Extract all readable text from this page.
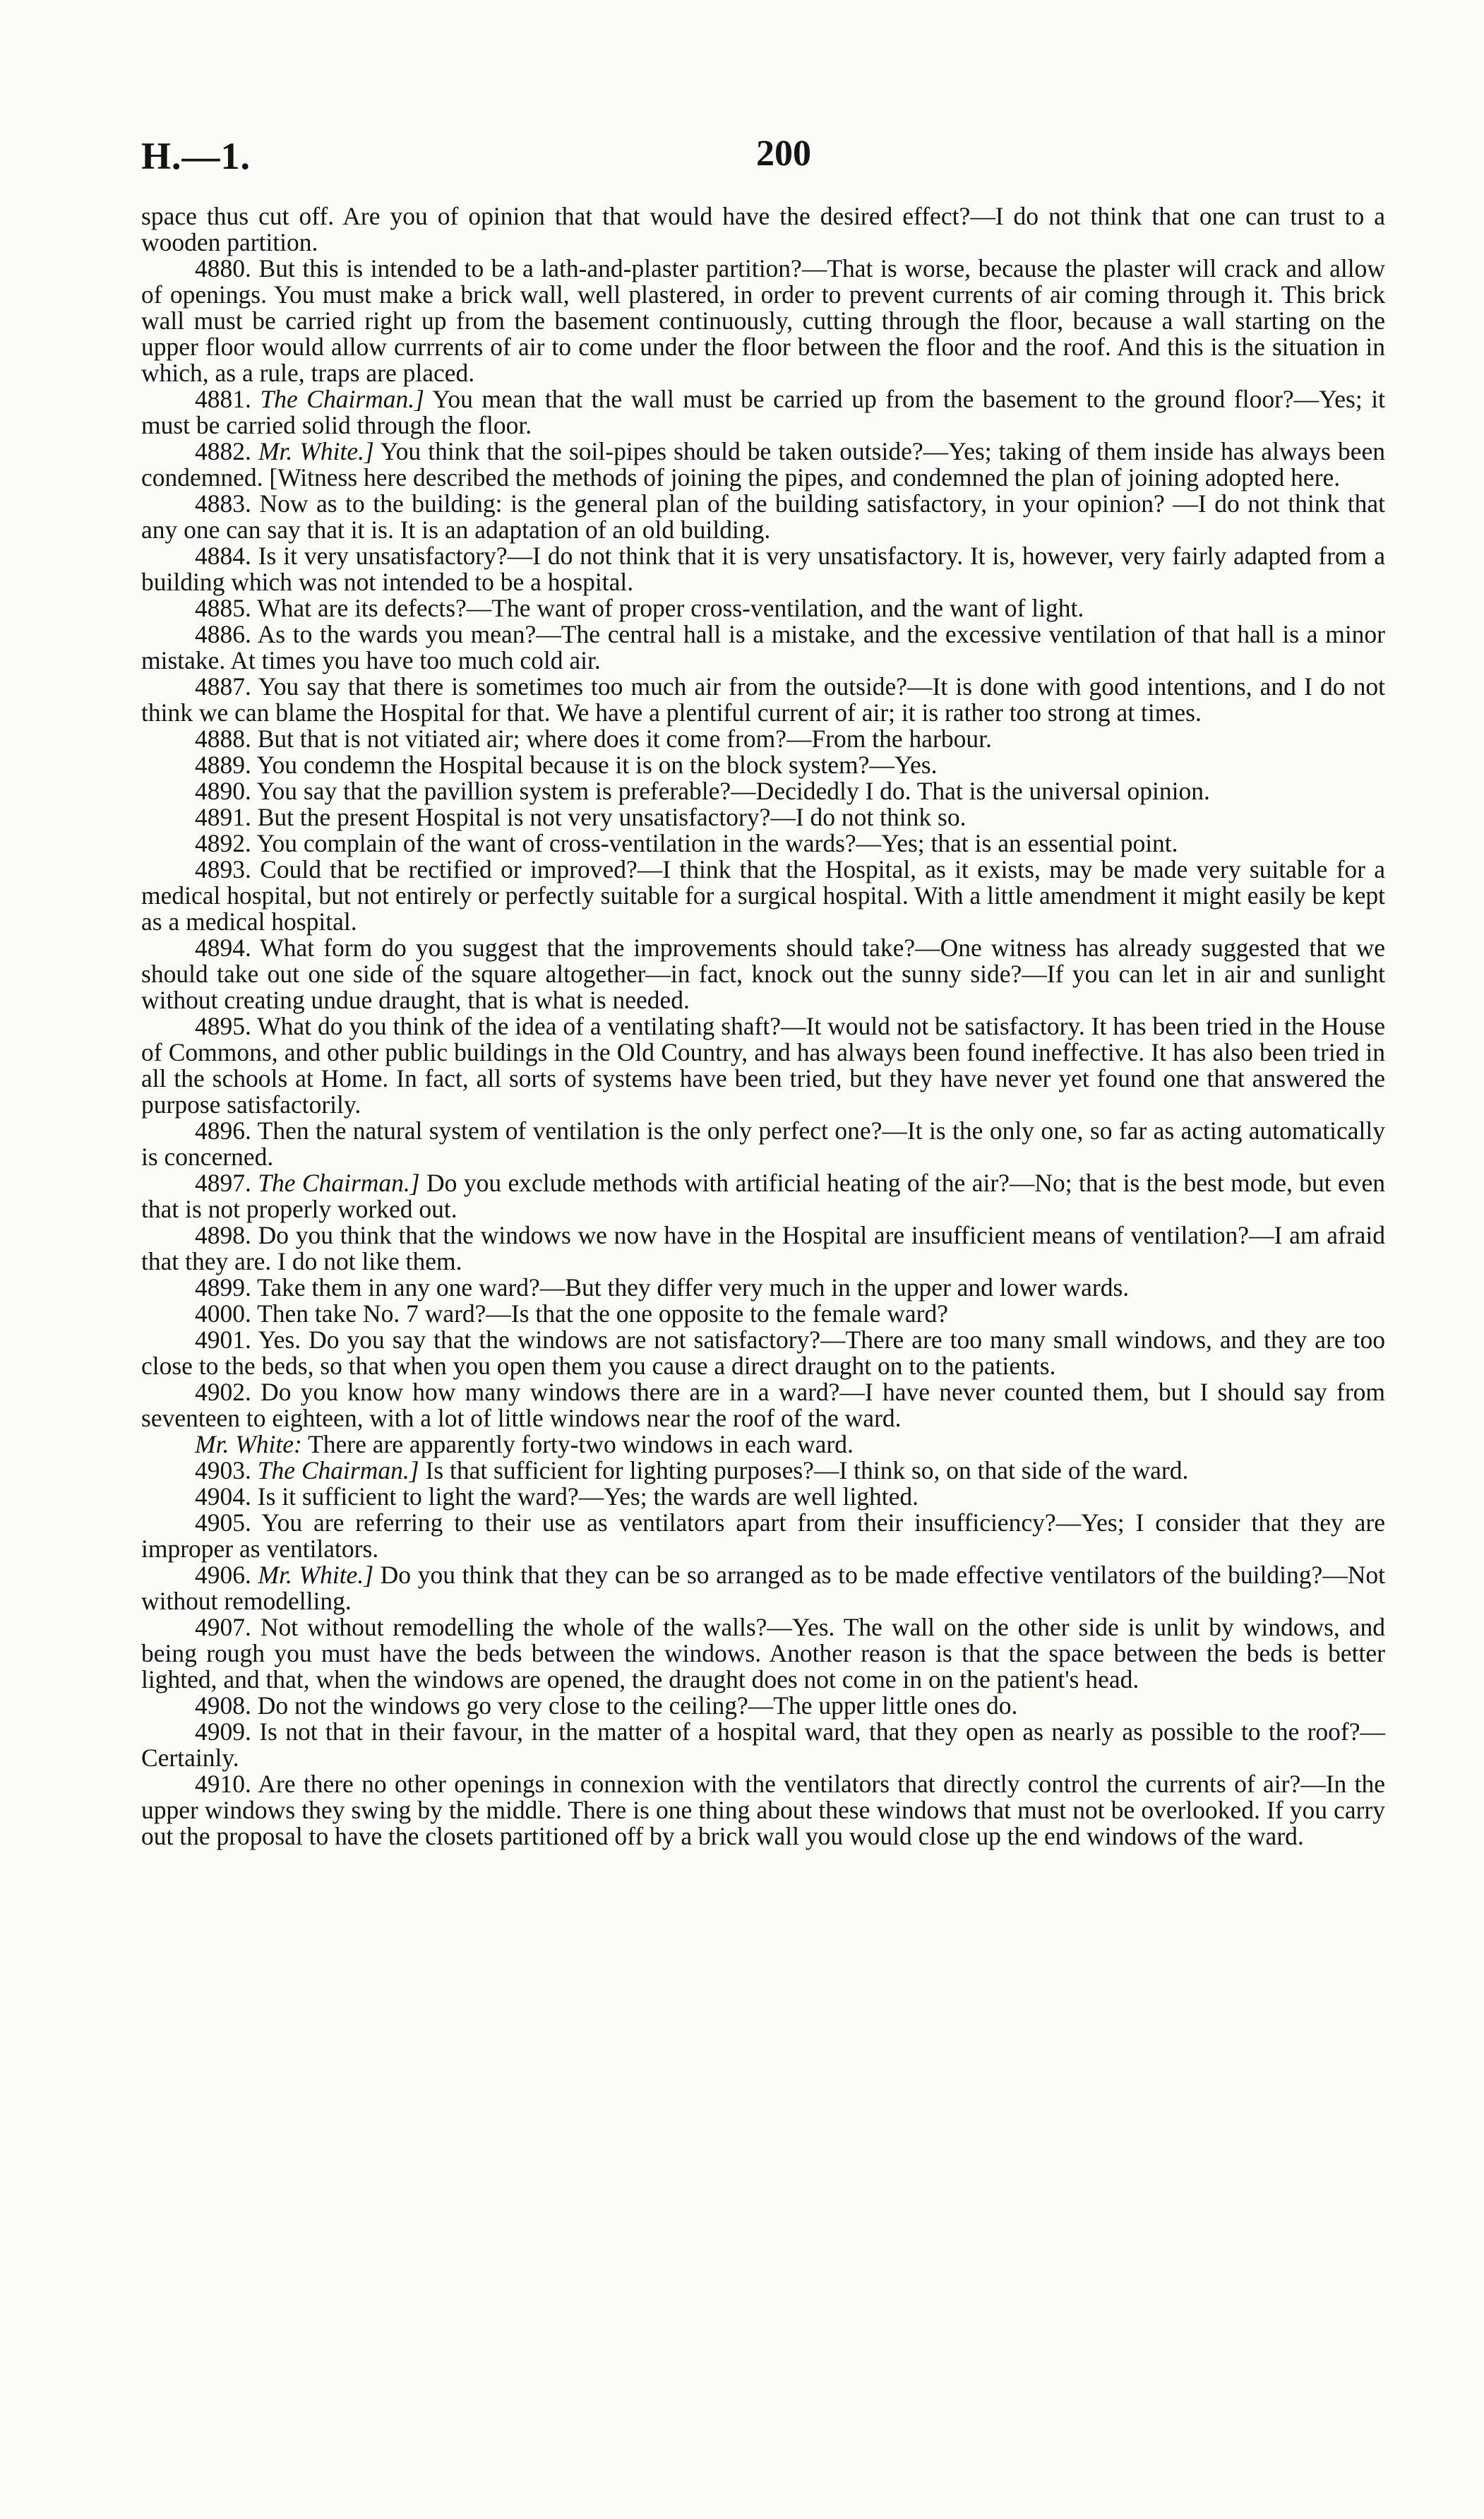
H.—1.	200

space thus cut off. Are you of opinion that that would have the desired effect?—I do not think that one can trust to a wooden partition.

4880. But this is intended to be a lath-and-plaster partition?—That is worse, because the plaster will crack and allow of openings. You must make a brick wall, well plastered, in order to prevent currents of air coming through it. This brick wall must be carried right up from the basement continuously, cutting through the floor, because a wall starting on the upper floor would allow currrents of air to come under the floor between the floor and the roof. And this is the situation in which, as a rule, traps are placed.

4881. The Chairman.] You mean that the wall must be carried up from the basement to the ground floor?—Yes; it must be carried solid through the floor.

4882. Mr. White.] You think that the soil-pipes should be taken outside?—Yes; taking of them inside has always been condemned. [Witness here described the methods of joining the pipes, and condemned the plan of joining adopted here.

4883. Now as to the building: is the general plan of the building satisfactory, in your opinion? —I do not think that any one can say that it is. It is an adaptation of an old building.

4884. Is it very unsatisfactory?—I do not think that it is very unsatisfactory. It is, however, very fairly adapted from a building which was not intended to be a hospital.

4885. What are its defects?—The want of proper cross-ventilation, and the want of light.

4886. As to the wards you mean?—The central hall is a mistake, and the excessive ventilation of that hall is a minor mistake. At times you have too much cold air.

4887. You say that there is sometimes too much air from the outside?—It is done with good intentions, and I do not think we can blame the Hospital for that. We have a plentiful current of air; it is rather too strong at times.

4888. But that is not vitiated air; where does it come from?—From the harbour.

4889. You condemn the Hospital because it is on the block system?—Yes.

4890. You say that the pavillion system is preferable?—Decidedly I do. That is the universal opinion.

4891. But the present Hospital is not very unsatisfactory?—I do not think so.

4892. You complain of the want of cross-ventilation in the wards?—Yes; that is an essential point.

4893. Could that be rectified or improved?—I think that the Hospital, as it exists, may be made very suitable for a medical hospital, but not entirely or perfectly suitable for a surgical hospital. With a little amendment it might easily be kept as a medical hospital.

4894. What form do you suggest that the improvements should take?—One witness has already suggested that we should take out one side of the square altogether—in fact, knock out the sunny side?—If you can let in air and sunlight without creating undue draught, that is what is needed.

4895. What do you think of the idea of a ventilating shaft?—It would not be satisfactory. It has been tried in the House of Commons, and other public buildings in the Old Country, and has always been found ineffective. It has also been tried in all the schools at Home. In fact, all sorts of systems have been tried, but they have never yet found one that answered the purpose satisfactorily.

4896. Then the natural system of ventilation is the only perfect one?—It is the only one, so far as acting automatically is concerned.

4897. The Chairman.] Do you exclude methods with artificial heating of the air?—No; that is the best mode, but even that is not properly worked out.

4898. Do you think that the windows we now have in the Hospital are insufficient means of ventilation?—I am afraid that they are. I do not like them.

4899. Take them in any one ward?—But they differ very much in the upper and lower wards.

4000. Then take No. 7 ward?—Is that the one opposite to the female ward?

4901. Yes. Do you say that the windows are not satisfactory?—There are too many small windows, and they are too close to the beds, so that when you open them you cause a direct draught on to the patients.

4902. Do you know how many windows there are in a ward?—I have never counted them, but I should say from seventeen to eighteen, with a lot of little windows near the roof of the ward.

Mr. White: There are apparently forty-two windows in each ward.

4903. The Chairman.] Is that sufficient for lighting purposes?—I think so, on that side of the ward.

4904. Is it sufficient to light the ward?—Yes; the wards are well lighted.

4905. You are referring to their use as ventilators apart from their insufficiency?—Yes; I consider that they are improper as ventilators.

4906. Mr. White.] Do you think that they can be so arranged as to be made effective ventilators of the building?—Not without remodelling.

4907. Not without remodelling the whole of the walls?—Yes. The wall on the other side is unlit by windows, and being rough you must have the beds between the windows. Another reason is that the space between the beds is better lighted, and that, when the windows are opened, the draught does not come in on the patient's head.

4908. Do not the windows go very close to the ceiling?—The upper little ones do.

4909. Is not that in their favour, in the matter of a hospital ward, that they open as nearly as possible to the roof?—Certainly.

4910. Are there no other openings in connexion with the ventilators that directly control the currents of air?—In the upper windows they swing by the middle. There is one thing about these windows that must not be overlooked. If you carry out the proposal to have the closets partitioned off by a brick wall you would close up the end windows of the ward.
